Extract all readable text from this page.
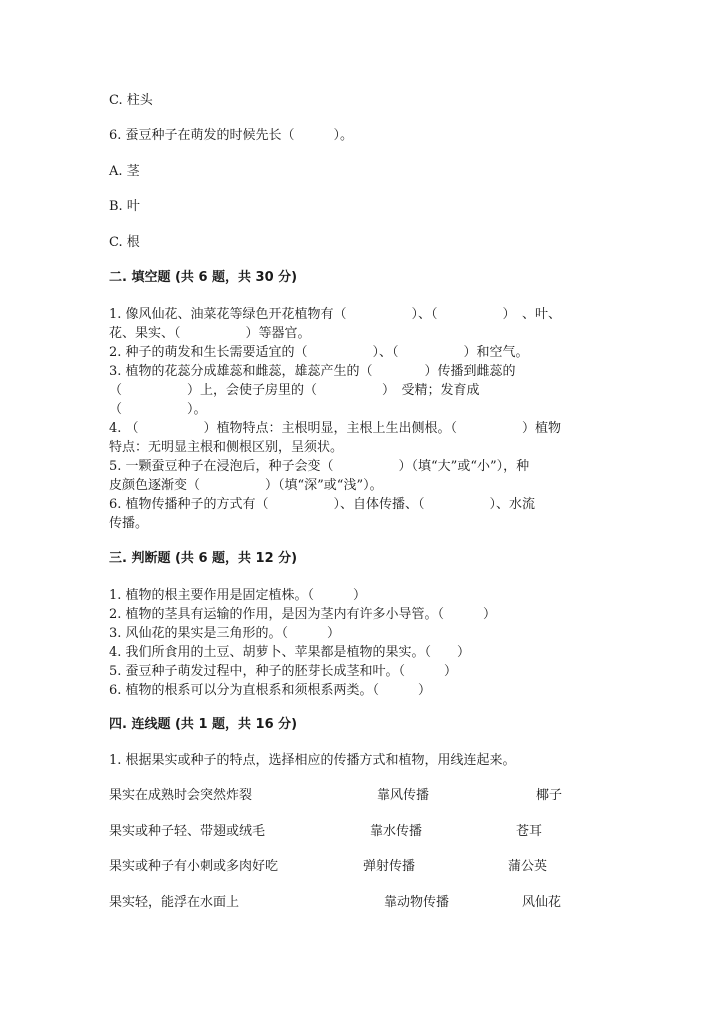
C. 柱头
6. 蚕豆种子在萌发的时候先长（　　　）。
A. 茎
B. 叶
C. 根
二. 填空题 (共 6 题，共 30 分)
1. 像风仙花、油菜花等绿色开花植物有（　　　　　）、（　　　　　）　、叶、
花、果实、（　　　　　）等器官。
2. 种子的萌发和生长需要适宜的（　　　　　）、（　　　　　）和空气。
3. 植物的花蕊分成雄蕊和雌蕊，雄蕊产生的（　　　　）传播到雌蕊的
（　　　　　）上，会使子房里的（　　　　　）　受精；发育成
（　　　　　）。
4. （　　　　　）植物特点：主根明显，主根上生出侧根。（　　　　　）植物
特点：无明显主根和侧根区别，呈须状。
5. 一颗蚕豆种子在浸泡后，种子会变（　　　　　）（填“大”或“小”），种
皮颜色逐渐变（　　　　　）（填“深”或“浅”）。
6. 植物传播种子的方式有（　　　　　）、自体传播、（　　　　　）、水流
传播。
三. 判断题 (共 6 题，共 12 分)
1. 植物的根主要作用是固定植株。（　　　）
2. 植物的茎具有运输的作用，是因为茎内有许多小导管。（　　　）
3. 风仙花的果实是三角形的。（　　　）
4. 我们所食用的土豆、胡萝卜、苹果都是植物的果实。（　　）
5. 蚕豆种子萌发过程中，种子的胚芽长成茎和叶。（　　　）
6. 植物的根系可以分为直根系和须根系两类。（　　　）
四. 连线题 (共 1 题，共 16 分)
1. 根据果实或种子的特点，选择相应的传播方式和植物，用线连起来。
果实在成熟时会突然炸裂	靠风传播	椰子
果实或种子轻、带翅或绒毛	靠水传播	苍耳
果实或种子有小刺或多肉好吃	弹射传播	蒲公英
果实轻，能浮在水面上	靠动物传播	风仙花
